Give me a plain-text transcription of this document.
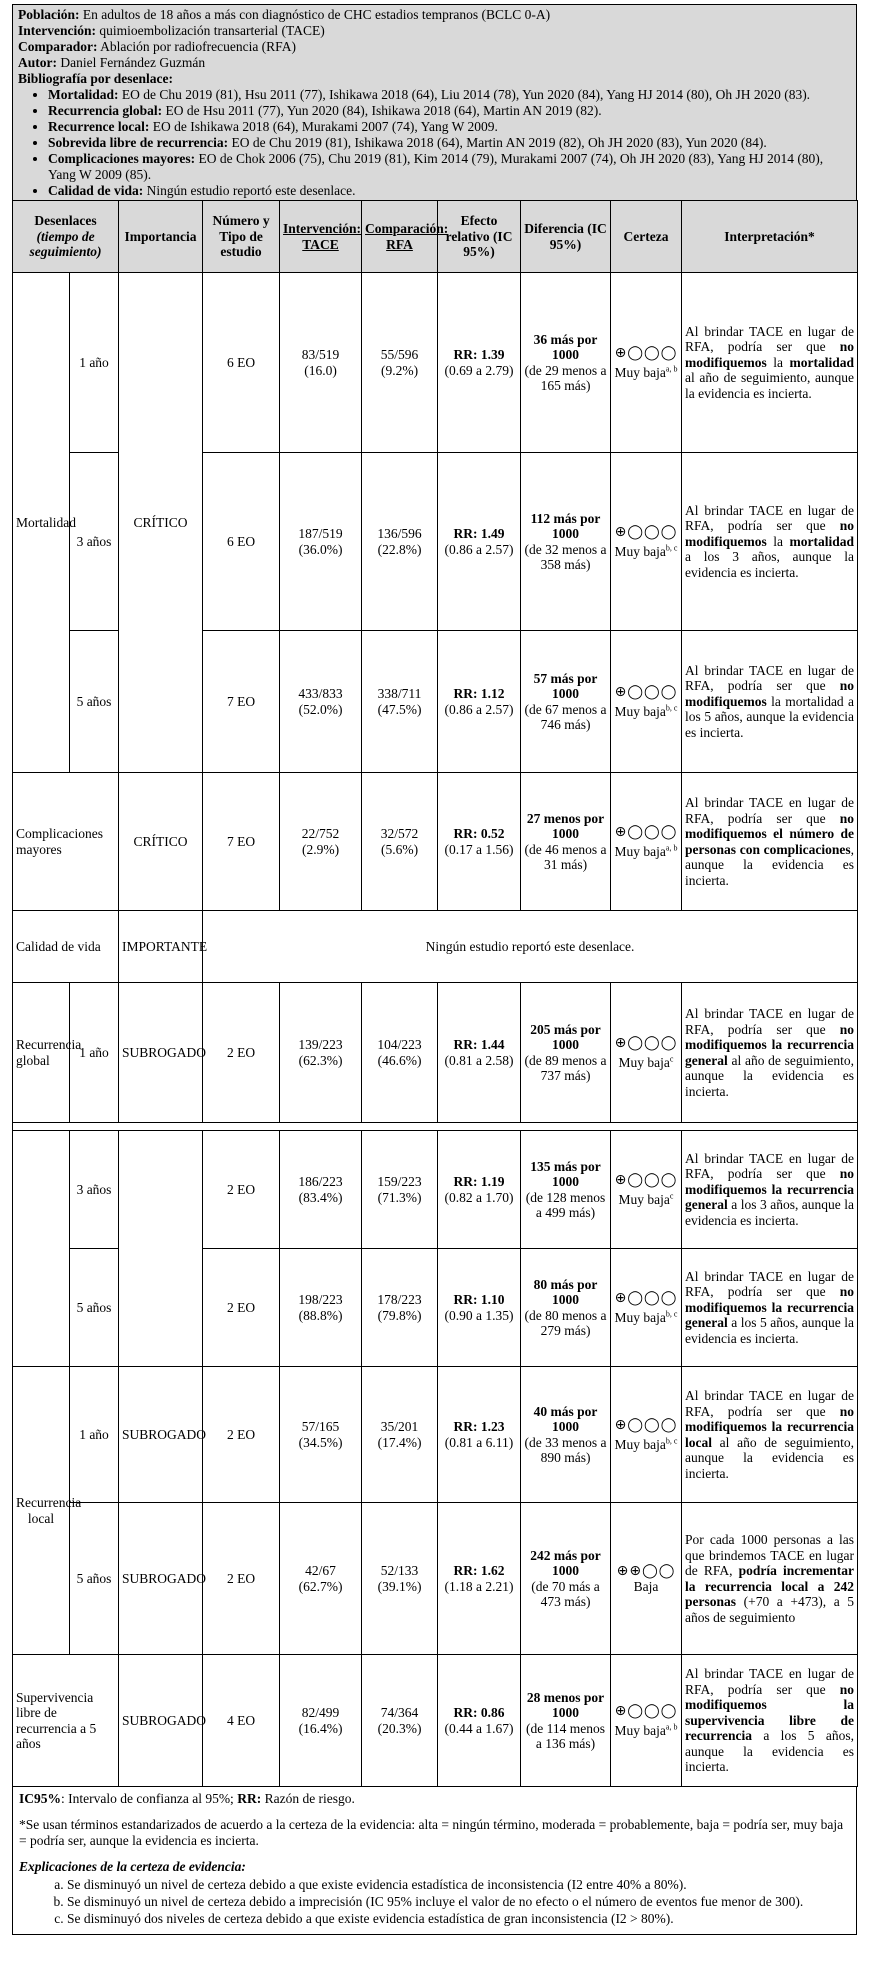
Población: En adultos de 18 años a más con diagnóstico de CHC estadios tempranos (BCLC 0-A)

Intervención: quimioembolización transarterial (TACE)

Comparador: Ablación por radiofrecuencia (RFA)

Autor: Daniel Fernández Guzmán

Bibliografía por desenlace:

• Mortalidad: EO de Chu 2019 (81), Hsu 2011 (77), Ishikawa 2018 (64), Liu 2014 (78), Yun 2020 (84), Yang HJ 2014 (80), Oh JH 2020 (83).
• Recurrencia global: EO de Hsu 2011 (77), Yun 2020 (84), Ishikawa 2018 (64), Martin AN 2019 (82).
• Recurrence local: EO de Ishikawa 2018 (64), Murakami 2007 (74), Yang W 2009.
• Sobrevida libre de recurrencia: EO de Chu 2019 (81), Ishikawa 2018 (64), Martin AN 2019 (82), Oh JH 2020 (83), Yun 2020 (84).
• Complicaciones mayores: EO de Chok 2006 (75), Chu 2019 (81), Kim 2014 (79), Murakami 2007 (74), Oh JH 2020 (83), Yang HJ 2014 (80), Yang W 2009 (85).
• Calidad de vida: Ningún estudio reportó este desenlace.
Desenlaces
(tiempo de seguimiento)		Importancia	Número y Tipo de estudio	Intervención:
TACE	Comparación:
RFA	Efecto relativo (IC 95%)	Diferencia (IC 95%)	Certeza	Interpretación*
Mortalidad	1 año	CRÍTICO	6 EO	83/519
(16.0)	55/596
(9.2%)	RR: 1.39
(0.69 a 2.79)	36 más por 1000
(de 29 menos a 165 más)	⊕◯◯◯
Muy baja$^{a, b}$	Al brindar TACE en lugar de RFA, podría ser que no modifiquemos la mortalidad al año de seguimiento, aunque la evidencia es incierta.
	3 años		6 EO	187/519
(36.0%)	136/596
(22.8%)	RR: 1.49
(0.86 a 2.57)	112 más por 1000
(de 32 menos a 358 más)	⊕◯◯◯
Muy baja$^{b, c}$	Al brindar TACE en lugar de RFA, podría ser que no modifiquemos la mortalidad a los 3 años, aunque la evidencia es incierta.
	5 años		7 EO	433/833
(52.0%)	338/711
(47.5%)	RR: 1.12
(0.86 a 2.57)	57 más por 1000
(de 67 menos a 746 más)	⊕◯◯◯
Muy baja$^{b, c}$	Al brindar TACE en lugar de RFA, podría ser que no modifiquemos la mortalidad a los 5 años, aunque la evidencia es incierta.
Complicaciones mayores		CRÍTICO	7 EO	22/752
(2.9%)	32/572
(5.6%)	RR: 0.52
(0.17 a 1.56)	27 menos por 1000
(de 46 menos a 31 más)	⊕◯◯◯
Muy baja$^{a, b}$	Al brindar TACE en lugar de RFA, podría ser que no modifiquemos el número de personas con complicaciones, aunque la evidencia es incierta.
Calidad de vida		IMPORTANTE	Ningún estudio reportó este desenlace.						
Recurrencia global	1 año	SUBROGADO	2 EO	139/223
(62.3%)	104/223
(46.6%)	RR: 1.44
(0.81 a 2.58)	205 más por 1000
(de 89 menos a 737 más)	⊕◯◯◯
Muy baja$^c$	Al brindar TACE en lugar de RFA, podría ser que no modifiquemos la recurrencia general al año de seguimiento, aunque la evidencia es incierta.

	3 años		2 EO	186/223
(83.4%)	159/223
(71.3%)	RR: 1.19
(0.82 a 1.70)	135 más por 1000
(de 128 menos a 499 más)	⊕◯◯◯
Muy baja$^c$	Al brindar TACE en lugar de RFA, podría ser que no modifiquemos la recurrencia general a los 3 años, aunque la evidencia es incierta.
	5 años		2 EO	198/223
(88.8%)	178/223
(79.8%)	RR: 1.10
(0.90 a 1.35)	80 más por 1000
(de 80 menos a 279 más)	⊕◯◯◯
Muy baja$^{b, c}$	Al brindar TACE en lugar de RFA, podría ser que no modifiquemos la recurrencia general a los 5 años, aunque la evidencia es incierta.
Recurrencia local	1 año	SUBROGADO	2 EO	57/165
(34.5%)	35/201
(17.4%)	RR: 1.23
(0.81 a 6.11)	40 más por 1000
(de 33 menos a 890 más)	⊕◯◯◯
Muy baja$^{b, c}$	Al brindar TACE en lugar de RFA, podría ser que no modifiquemos la recurrencia local al año de seguimiento, aunque la evidencia es incierta.
	5 años	SUBROGADO	2 EO	42/67
(62.7%)	52/133
(39.1%)	RR: 1.62
(1.18 a 2.21)	242 más por 1000
(de 70 más a 473 más)	⊕⊕◯◯
Baja	Por cada 1000 personas a las que brindemos TACE en lugar de RFA, podría incrementar la recurrencia local a 242 personas (+70 a +473), a 5 años de seguimiento
Supervivencia libre de recurrencia a 5 años		SUBROGADO	4 EO	82/499
(16.4%)	74/364
(20.3%)	RR: 0.86
(0.44 a 1.67)	28 menos por 1000
(de 114 menos a 136 más)	⊕◯◯◯
Muy baja$^{a, b}$	Al brindar TACE en lugar de RFA, podría ser que no modifiquemos la supervivencia libre de recurrencia a los 5 años, aunque la evidencia es incierta.

IC95%: Intervalo de confianza al 95%; RR: Razón de riesgo.

*Se usan términos estandarizados de acuerdo a la certeza de la evidencia: alta = ningún término, moderada = probablemente, baja = podría ser, muy baja = podría ser, aunque la evidencia es incierta.

Explicaciones de la certeza de evidencia:

a. Se disminuyó un nivel de certeza debido a que existe evidencia estadística de inconsistencia (I2 entre 40% a 80%).
b. Se disminuyó un nivel de certeza debido a imprecisión (IC 95% incluye el valor de no efecto o el número de eventos fue menor de 300).
c. Se disminuyó dos niveles de certeza debido a que existe evidencia estadística de gran inconsistencia (I2 > 80%).
